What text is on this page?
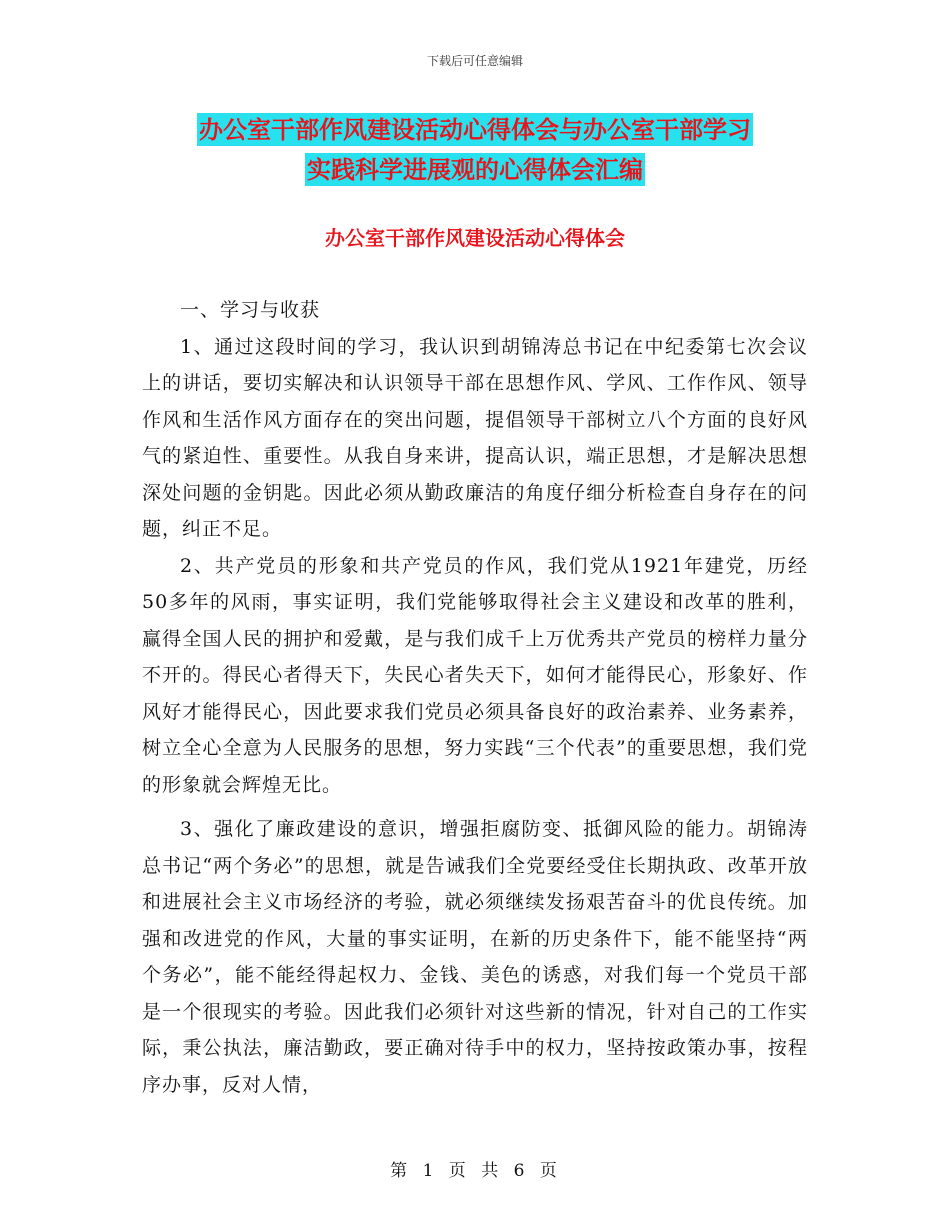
下载后可任意编辑
办公室干部作风建设活动心得体会与办公室干部学习
实践科学进展观的心得体会汇编
办公室干部作风建设活动心得体会

一、学习与收获

1、通过这段时间的学习，我认识到胡锦涛总书记在中纪委第七次会议上的讲话，要切实解决和认识领导干部在思想作风、学风、工作作风、领导作风和生活作风方面存在的突出问题，提倡领导干部树立八个方面的良好风气的紧迫性、重要性。从我自身来讲，提高认识，端正思想，才是解决思想深处问题的金钥匙。因此必须从勤政廉洁的角度仔细分析检查自身存在的问题，纠正不足。

2、共产党员的形象和共产党员的作风，我们党从1921年建党，历经50多年的风雨，事实证明，我们党能够取得社会主义建设和改革的胜利，赢得全国人民的拥护和爱戴，是与我们成千上万优秀共产党员的榜样力量分不开的。得民心者得天下，失民心者失天下，如何才能得民心，形象好、作风好才能得民心，因此要求我们党员必须具备良好的政治素养、业务素养，树立全心全意为人民服务的思想，努力实践“三个代表”的重要思想，我们党的形象就会辉煌无比。

3、强化了廉政建设的意识，增强拒腐防变、抵御风险的能力。胡锦涛总书记“两个务必”的思想，就是告诫我们全党要经受住长期执政、改革开放和进展社会主义市场经济的考验，就必须继续发扬艰苦奋斗的优良传统。加强和改进党的作风，大量的事实证明，在新的历史条件下，能不能坚持“两个务必”，能不能经得起权力、金钱、美色的诱惑，对我们每一个党员干部是一个很现实的考验。因此我们必须针对这些新的情况，针对自己的工作实际，秉公执法，廉洁勤政，要正确对待手中的权力，坚持按政策办事，按程序办事，反对人情，

第 1 页 共 6 页
